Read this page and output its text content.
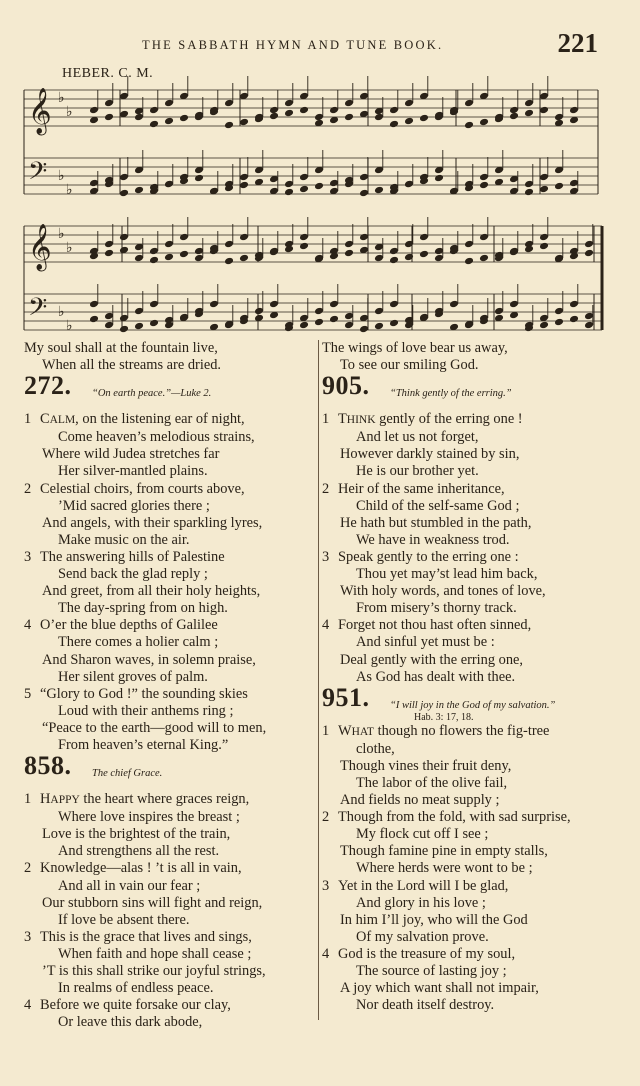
THE SABBATH HYMN AND TUNE BOOK.	221
HEBER. C. M.
𝄞 ♭
♭
𝄢 ♭
♭
𝄞 ♭
♭
𝄢 ♭
♭
My soul shall at the fountain live,
When all the streams are dried.
272 .	“On earth peace.”—Luke 2.
1 CALM, on the listening ear of night,
Come heaven’s melodious strains,
Where wild Judea stretches far
Her silver-mantled plains.
2 Celestial choirs, from courts above,
’Mid sacred glories there ;
And angels, with their sparkling lyres,
Make music on the air.
3 The answering hills of Palestine
Send back the glad reply ;
And greet, from all their holy heights,
The day-spring from on high.
4 O’er the blue depths of Galilee
There comes a holier calm ;
And Sharon waves, in solemn praise,
Her silent groves of palm.
5 “Glory to God !” the sounding skies
Loud with their anthems ring ;
“Peace to the earth—good will to men,
From heaven’s eternal King.”
858 .	The chief Grace.
1 HAPPY the heart where graces reign,
Where love inspires the breast ;
Love is the brightest of the train,
And strengthens all the rest.
2 Knowledge—alas ! ’t is all in vain,
And all in vain our fear ;
Our stubborn sins will fight and reign,
If love be absent there.
3 This is the grace that lives and sings,
When faith and hope shall cease ;
’T is this shall strike our joyful strings,
In realms of endless peace.
4 Before we quite forsake our clay,
Or leave this dark abode,
The wings of love bear us away,
To see our smiling God.
905 .	“Think gently of the erring.”
1 THINK gently of the erring one !
And let us not forget,
However darkly stained by sin,
He is our brother yet.
2 Heir of the same inheritance,
Child of the self-same God ;
He hath but stumbled in the path,
We have in weakness trod.
3 Speak gently to the erring one :
Thou yet may’st lead him back,
With holy words, and tones of love,
From misery’s thorny track.
4 Forget not thou hast often sinned,
And sinful yet must be :
Deal gently with the erring one,
As God has dealt with thee.
951 .	“I will joy in the God of my salvation.”
Hab. 3: 17, 18.
1 WHAT though no flowers the fig-tree
clothe,
Though vines their fruit deny,
The labor of the olive fail,
And fields no meat supply ;
2 Though from the fold, with sad surprise,
My flock cut off I see ;
Though famine pine in empty stalls,
Where herds were wont to be ;
3 Yet in the Lord will I be glad,
And glory in his love ;
In him I’ll joy, who will the God
Of my salvation prove.
4 God is the treasure of my soul,
The source of lasting joy ;
A joy which want shall not impair,
Nor death itself destroy.
